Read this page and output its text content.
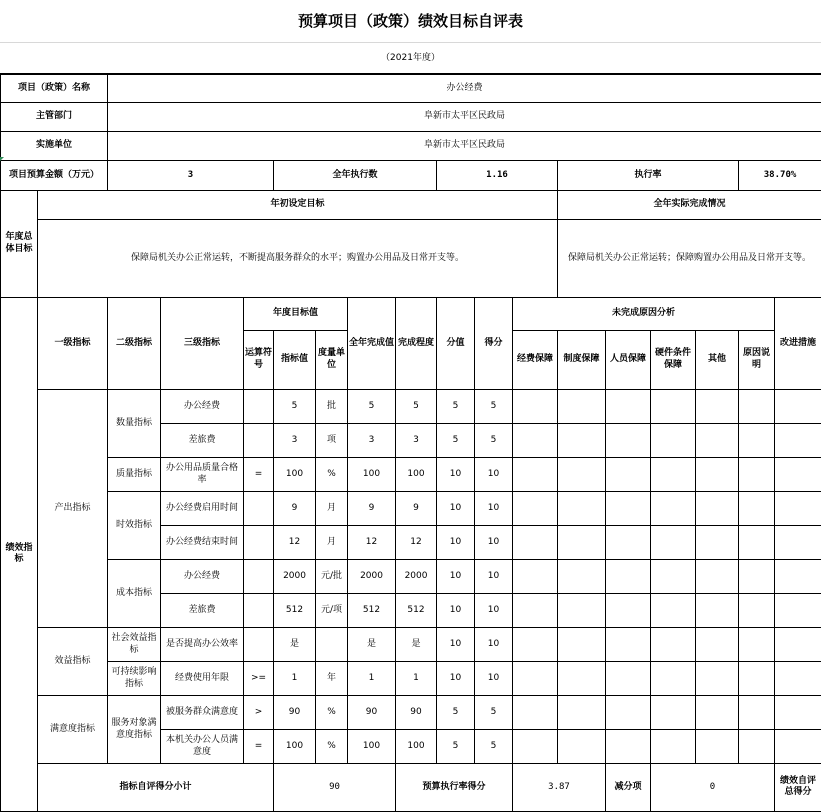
预算项目（政策）绩效目标自评表
（2021年度）
项目（政策）名称		办公经费																
主管部门		阜新市太平区民政局																
实施单位		阜新市太平区民政局																
项目预算金额（万元）		3			全年执行数				1.16			执行率				38.70%		
年度总体目标	年初设定目标											全年实际完成情况						
	保障局机关办公正常运转，不断提高服务群众的水平；购置办公用品及日常开支等。											保障局机关办公正常运转；保障购置办公用品及日常开支等。						
绩效指标	一级指标	二级指标	三级指标	年度目标值			全年完成值	完成程度	分值	得分	未完成原因分析						改进措施	
				运算符号	指标值	度量单位					经费保障	制度保障	人员保障	硬件条件保障	其他	原因说明		
	产出指标	数量指标	办公经费		5	批	5	5	5	5								
			差旅费		3	项	3	3	5	5								
		质量指标	办公用品质量合格率	=	100	%	100	100	10	10								
		时效指标	办公经费启用时间		9	月	9	9	10	10								
			办公经费结束时间		12	月	12	12	10	10								
		成本指标	办公经费		2000	元/批	2000	2000	10	10								
			差旅费		512	元/项	512	512	10	10								
	效益指标	社会效益指标	是否提高办公效率		是		是	是	10	10								
		可持续影响指标	经费使用年限	>=	1	年	1	1	10	10								
	满意度指标	服务对象满意度指标	被服务群众满意度	>	90	%	90	90	5	5								
			本机关办公人员满意度	=	100	%	100	100	5	5								
	指标自评得分小计				90			预算执行率得分			3.87		减分项	0			绩效自评总得分	
